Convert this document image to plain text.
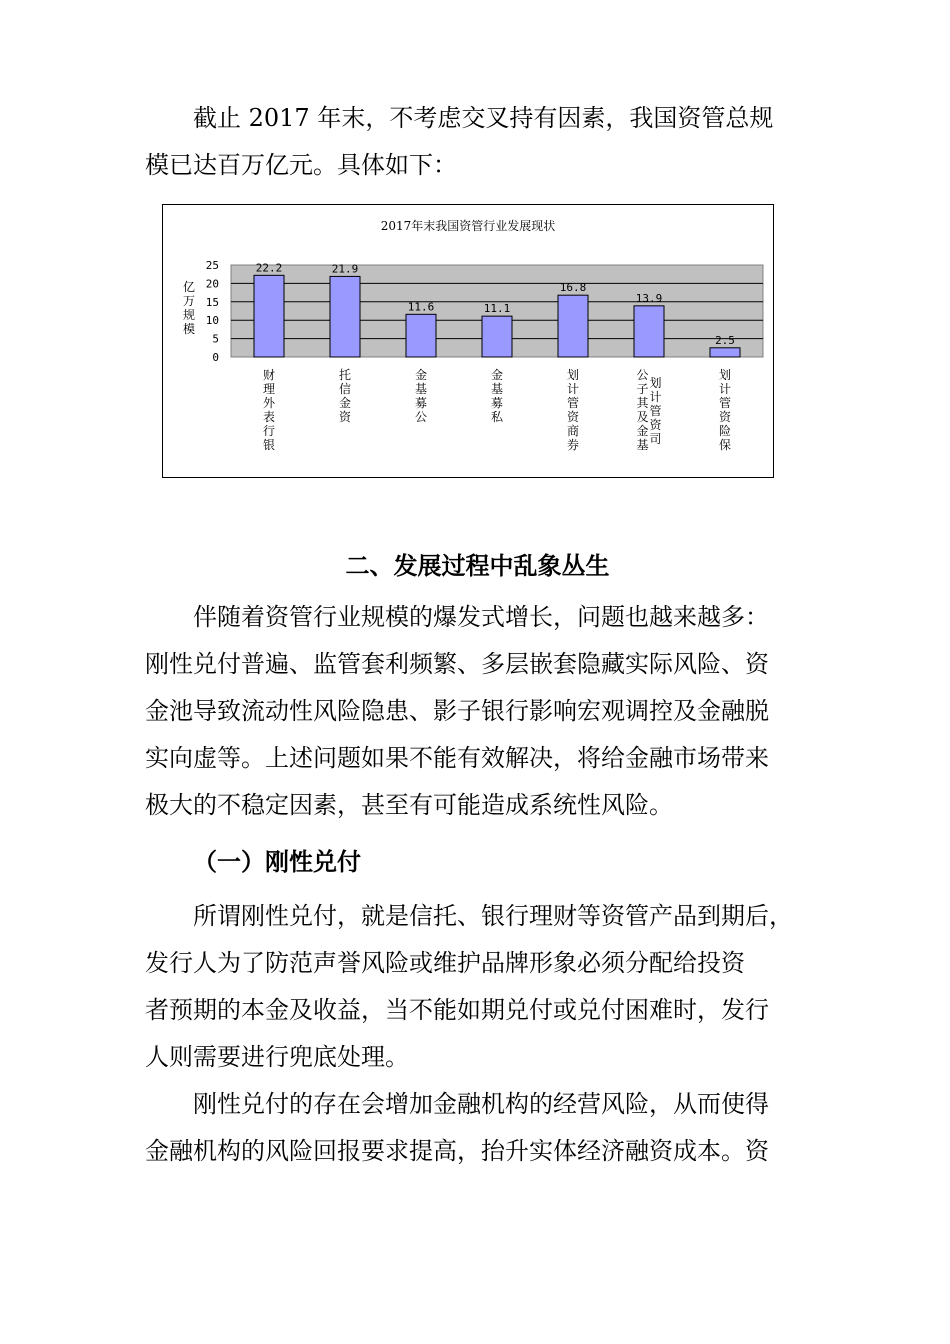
截止 2017 年末，不考虑交叉持有因素，我国资管总规
模已达百万亿元。具体如下：
2017年末我国资管行业发展现状
0
5
10
15
20
25	22.2	21.9
11.6	11.1
16.8
13.9
2.5
财理外表行银
托信金资
金基募公
金基募私
划计管资商券
公子其及金基
划计管资司
划计管资险保
亿万规模
二、发展过程中乱象丛生
伴随着资管行业规模的爆发式增长，问题也越来越多：
刚性兑付普遍、监管套利频繁、多层嵌套隐藏实际风险、资
金池导致流动性风险隐患、影子银行影响宏观调控及金融脱
实向虚等。上述问题如果不能有效解决，将给金融市场带来
极大的不稳定因素，甚至有可能造成系统性风险。
（一）刚性兑付
所谓刚性兑付，就是信托、银行理财等资管产品到期后，
发行人为了防范声誉风险或维护品牌形象必须分配给投资
者预期的本金及收益，当不能如期兑付或兑付困难时，发行
人则需要进行兜底处理。
刚性兑付的存在会增加金融机构的经营风险，从而使得
金融机构的风险回报要求提高，抬升实体经济融资成本。资
